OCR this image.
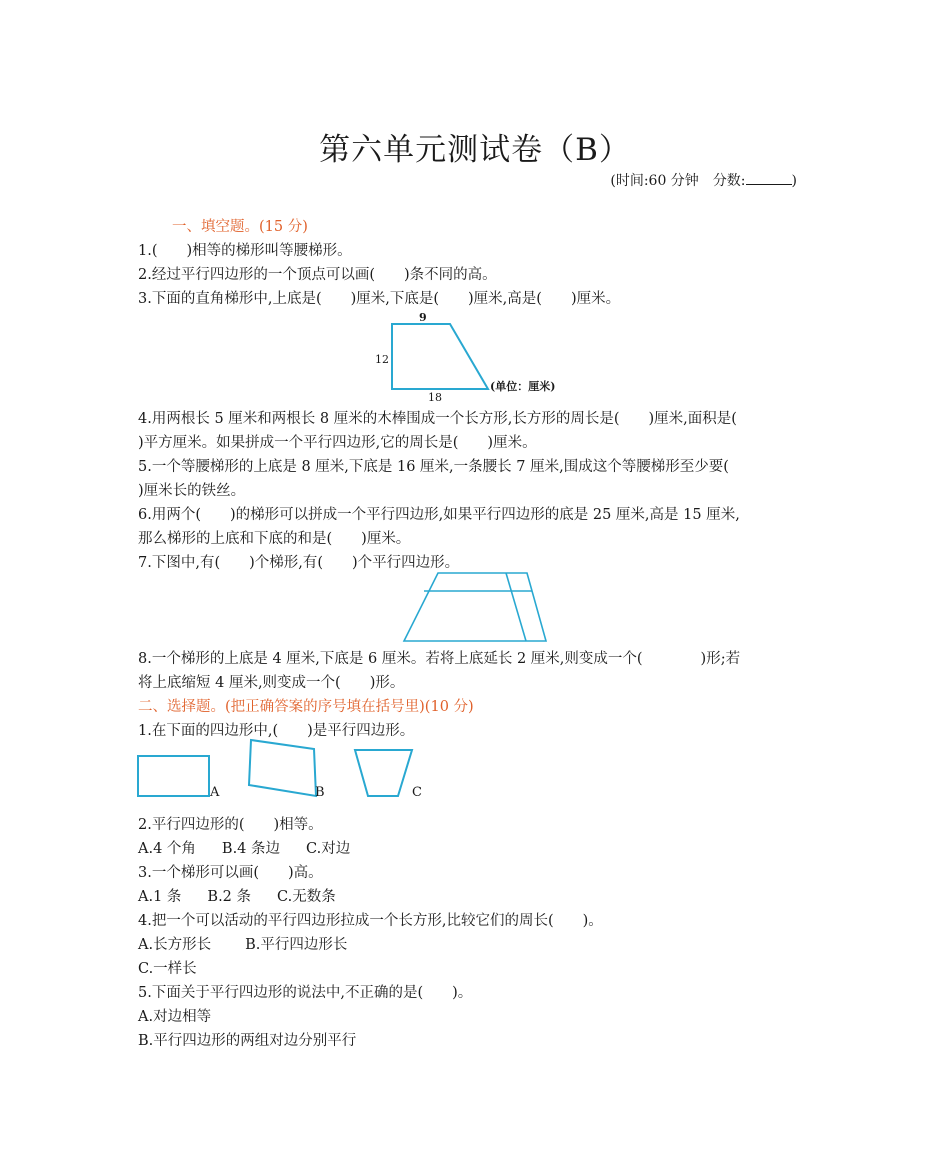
第六单元测试卷（B）
(时间:60 分钟　 分数:	)
一、填空题。(15 分)
1.(　　)相等的梯形叫等腰梯形。
2.经过平行四边形的一个顶点可以画(　　)条不同的高。
3.下面的直角梯形中,上底是(　　)厘米,下底是(　　)厘米,高是(　　)厘米。
9
12
18
(单位：厘米)
4.用两根长 5 厘米和两根长 8 厘米的木棒围成一个长方形,长方形的周长是(　　)厘米,面积是(
)平方厘米。如果拼成一个平行四边形,它的周长是(　　)厘米。
5.一个等腰梯形的上底是 8 厘米,下底是 16 厘米,一条腰长 7 厘米,围成这个等腰梯形至少要(
)厘米长的铁丝。
6.用两个(　　)的梯形可以拼成一个平行四边形,如果平行四边形的底是 25 厘米,高是 15 厘米,
那么梯形的上底和下底的和是(　　)厘米。
7.下图中,有(　　)个梯形,有(　　)个平行四边形。
8.一个梯形的上底是 4 厘米,下底是 6 厘米。若将上底延长 2 厘米,则变成一个(　　　　)形;若
将上底缩短 4 厘米,则变成一个(　　)形。
二、选择题。(把正确答案的序号填在括号里)(10 分)
1.在下面的四边形中,(　　)是平行四边形。
A	B	C
2.平行四边形的(　　)相等。
A.4 个角 B.4 条边 C.对边
3.一个梯形可以画(　　)高。
A.1 条 B.2 条 C.无数条
4.把一个可以活动的平行四边形拉成一个长方形,比较它们的周长(　　)。
A.长方形长 B.平行四边形长
C.一样长
5.下面关于平行四边形的说法中,不正确的是(　　)。
A.对边相等
B.平行四边形的两组对边分别平行
